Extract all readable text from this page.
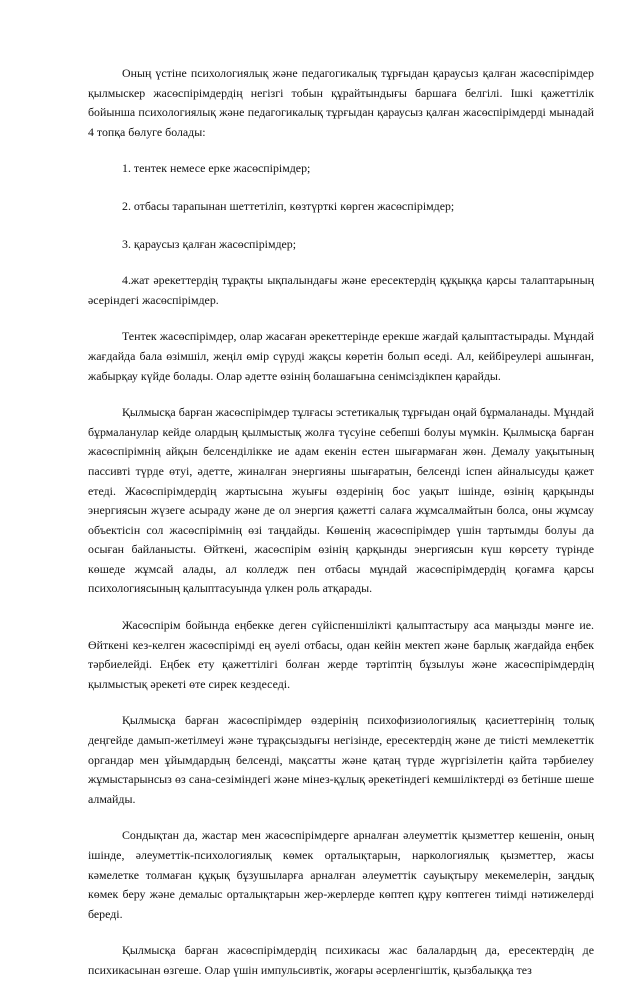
Оның үстіне психологиялық және педагогикалық тұрғыдан қараусыз қалған жасөспірімдер қылмыскер жасөспірімдердің негізгі тобын құрайтындығы баршаға белгілі. Ішкі қажеттілік бойынша психологиялық және педагогикалық тұрғыдан қараусыз қалған жасөспірімдерді мынадай 4 топқа бөлуге болады:

1. тентек немесе ерке жасөспірімдер;

2. отбасы тарапынан шеттетіліп, көзтүрткі көрген жасөспірімдер;

3. қараусыз қалған жасөспірімдер;

4.жат әрекеттердің тұрақты ықпалындағы және ересектердің құқыққа қарсы талаптарының әсеріндегі жасөспірімдер.

Тентек жасөспірімдер, олар жасаған әрекеттерінде ерекше жағдай қалыптастырады. Мұндай жағдайда бала өзімшіл, жеңіл өмір сүруді жақсы көретін болып өседі. Ал, кейбіреулері ашынған, жабырқау күйде болады. Олар әдетте өзінің болашағына сенімсіздікпен қарайды.

Қылмысқа барған жасөспірімдер тұлғасы эстетикалық тұрғыдан оңай бұрмаланады. Мұндай бұрмаланулар кейде олардың қылмыстық жолға түсуіне себепші болуы мүмкін. Қылмысқа барған жасөспірімнің айқын белсенділікке ие адам екенін естен шығармаған жөн. Демалу уақытының пассивті түрде өтуі, әдетте, жиналған энергияны шығаратын, белсенді іспен айналысуды қажет етеді. Жасөспірімдердің жартысына жуығы өздерінің бос уақыт ішінде, өзінің қарқынды энергиясын жүзеге асыраду және де ол энергия қажетті салаға жұмсалмайтын болса, оны жұмсау объектісін сол жасөспірімнің өзі таңдайды. Көшенің жасөспірімдер үшін тартымды болуы да осыған байланысты. Өйткені, жасөспірім өзінің қарқынды энергиясын күш көрсету түрінде көшеде жұмсай алады, ал колледж пен отбасы мұндай жасөспірімдердің қоғамға қарсы психологиясының қалыптасуында үлкен роль атқарады.

Жасөспірім бойында еңбекке деген сүйіспеншілікті қалыптастыру аса маңызды мәнге ие. Өйткені кез-келген жасөспірімді ең әуелі отбасы, одан кейін мектеп және барлық жағдайда еңбек тәрбиелейді. Еңбек ету қажеттілігі болған жерде тәртіптің бұзылуы және жасөспірімдердің қылмыстық әрекеті өте сирек кездеседі.

Қылмысқа барған жасөспірімдер өздерінің психофизиологиялық қасиеттерінің толық деңгейде дамып-жетілмеуі және тұрақсыздығы негізінде, ересектердің және де тиісті мемлекеттік органдар мен ұйымдардың белсенді, мақсатты және қатаң түрде жүргізілетін қайта тәрбиелеу жұмыстарынсыз өз сана-сезіміндегі және мінез-құлық әрекетіндегі кемшіліктерді өз бетінше шеше алмайды.

Сондықтан да, жастар мен жасөспірімдерге арналған әлеуметтік қызметтер кешенін, оның ішінде, әлеуметтік-психологиялық көмек орталықтарын, наркологиялық қызметтер, жасы кәмелетке толмаған құқық бұзушыларға арналған әлеуметтік сауықтыру мекемелерін, заңдық көмек беру және демалыс орталықтарын жер-жерлерде көптеп құру көптеген тиімді нәтижелерді береді.

Қылмысқа барған жасөспірімдердің психикасы жас балалардың да, ересектердің де психикасынан өзгеше. Олар үшін импульсивтік, жоғары әсерленгіштік, қызбалыққа тез
